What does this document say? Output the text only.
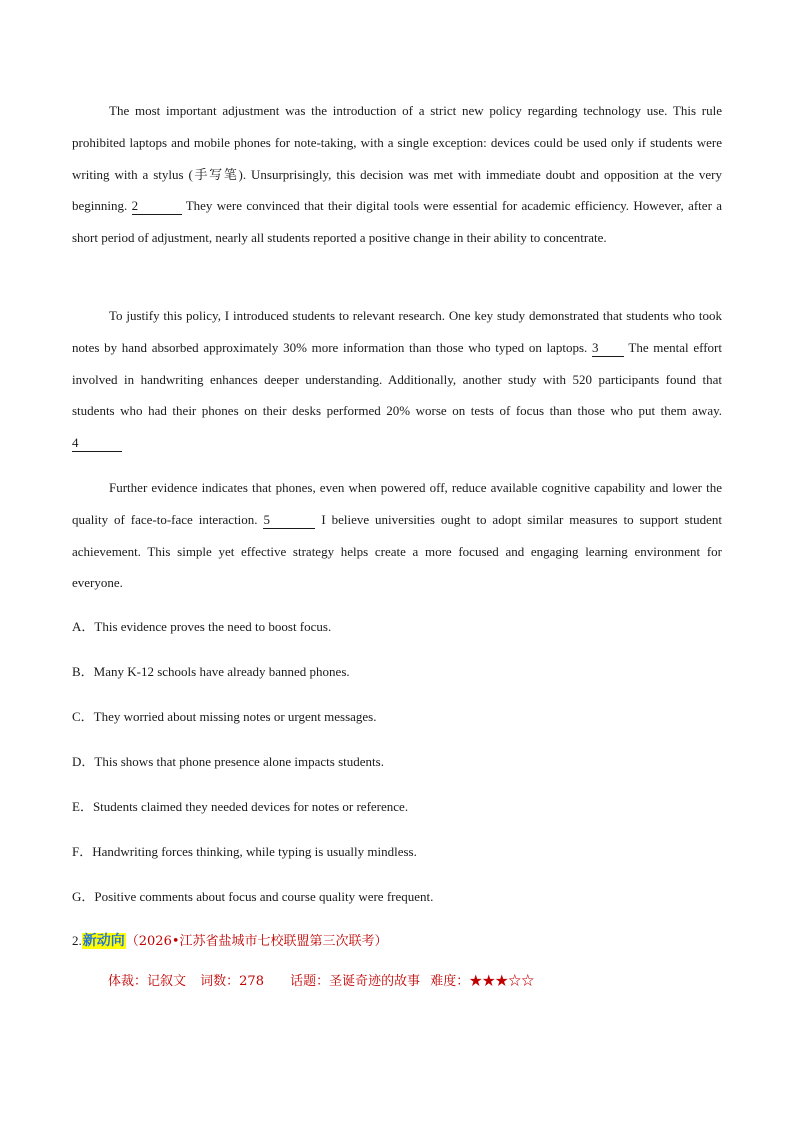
The most important adjustment was the introduction of a strict new policy regarding technology use. This rule prohibited laptops and mobile phones for note-taking, with a single exception: devices could be used only if students were writing with a stylus (手写笔). Unsurprisingly, this decision was met with immediate doubt and opposition at the very beginning. 2	They were convinced that their digital tools were essential for academic efficiency. However, after a short period of adjustment, nearly all students reported a positive change in their ability to concentrate.

To justify this policy, I introduced students to relevant research. One key study demonstrated that students who took notes by hand absorbed approximately 30% more information than those who typed on laptops. 3 The mental effort involved in handwriting enhances deeper understanding. Additionally, another study with 520 participants found that students who had their phones on their desks performed 20% worse on tests of focus than those who put them away. 4

Further evidence indicates that phones, even when powered off, reduce available cognitive capability and lower the quality of face-to-face interaction. 5	I believe universities ought to adopt similar measures to support student achievement. This simple yet effective strategy helps create a more focused and engaging learning environment for everyone.

A．This evidence proves the need to boost focus.

B．Many K-12 schools have already banned phones.

C．They worried about missing notes or urgent messages.

D．This shows that phone presence alone impacts students.

E．Students claimed they needed devices for notes or reference.

F．Handwriting forces thinking, while typing is usually mindless.

G．Positive comments about focus and course quality were frequent.

2.新动向（2026•江苏省盐城市七校联盟第三次联考）
体裁：记叙文 词数：278 话题：圣诞奇迹的故事 难度：★★★☆☆
